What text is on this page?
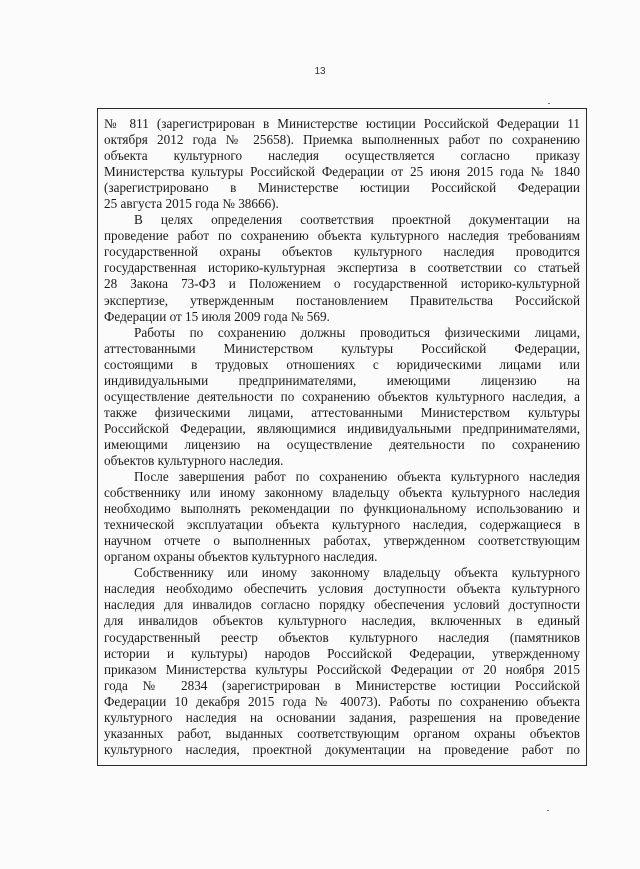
13

№ 811 (зарегистрирован в Министерстве юстиции Российской Федерации 11
октября 2012 года № 25658). Приемка выполненных работ по сохранению
объекта культурного наследия осуществляется согласно приказу
Министерства культуры Российской Федерации от 25 июня 2015 года № 1840
(зарегистрировано в Министерстве юстиции Российской Федерации
25 августа 2015 года № 38666).

В целях определения соответствия проектной документации на
проведение работ по сохранению объекта культурного наследия требованиям
государственной охраны объектов культурного наследия проводится
государственная историко-культурная экспертиза в соответствии со статьей
28 Закона 73-ФЗ и Положением о государственной историко-культурной
экспертизе, утвержденным постановлением Правительства Российской
Федерации от 15 июля 2009 года № 569.

Работы по сохранению должны проводиться физическими лицами,
аттестованными Министерством культуры Российской Федерации,
состоящими в трудовых отношениях с юридическими лицами или
индивидуальными предпринимателями, имеющими лицензию на
осуществление деятельности по сохранению объектов культурного наследия, а
также физическими лицами, аттестованными Министерством культуры
Российской Федерации, являющимися индивидуальными предпринимателями,
имеющими лицензию на осуществление деятельности по сохранению
объектов культурного наследия.

После завершения работ по сохранению объекта культурного наследия
собственнику или иному законному владельцу объекта культурного наследия
необходимо выполнять рекомендации по функциональному использованию и
технической эксплуатации объекта культурного наследия, содержащиеся в
научном отчете о выполненных работах, утвержденном соответствующим
органом охраны объектов культурного наследия.

Собственнику или иному законному владельцу объекта культурного
наследия необходимо обеспечить условия доступности объекта культурного
наследия для инвалидов согласно порядку обеспечения условий доступности
для инвалидов объектов культурного наследия, включенных в единый
государственный реестр объектов культурного наследия (памятников
истории и культуры) народов Российской Федерации, утвержденному
приказом Министерства культуры Российской Федерации от 20 ноября 2015
года № 2834 (зарегистрирован в Министерстве юстиции Российской
Федерации 10 декабря 2015 года № 40073). Работы по сохранению объекта
культурного наследия на основании задания, разрешения на проведение
указанных работ, выданных соответствующим органом охраны объектов
культурного наследия, проектной документации на проведение работ по
